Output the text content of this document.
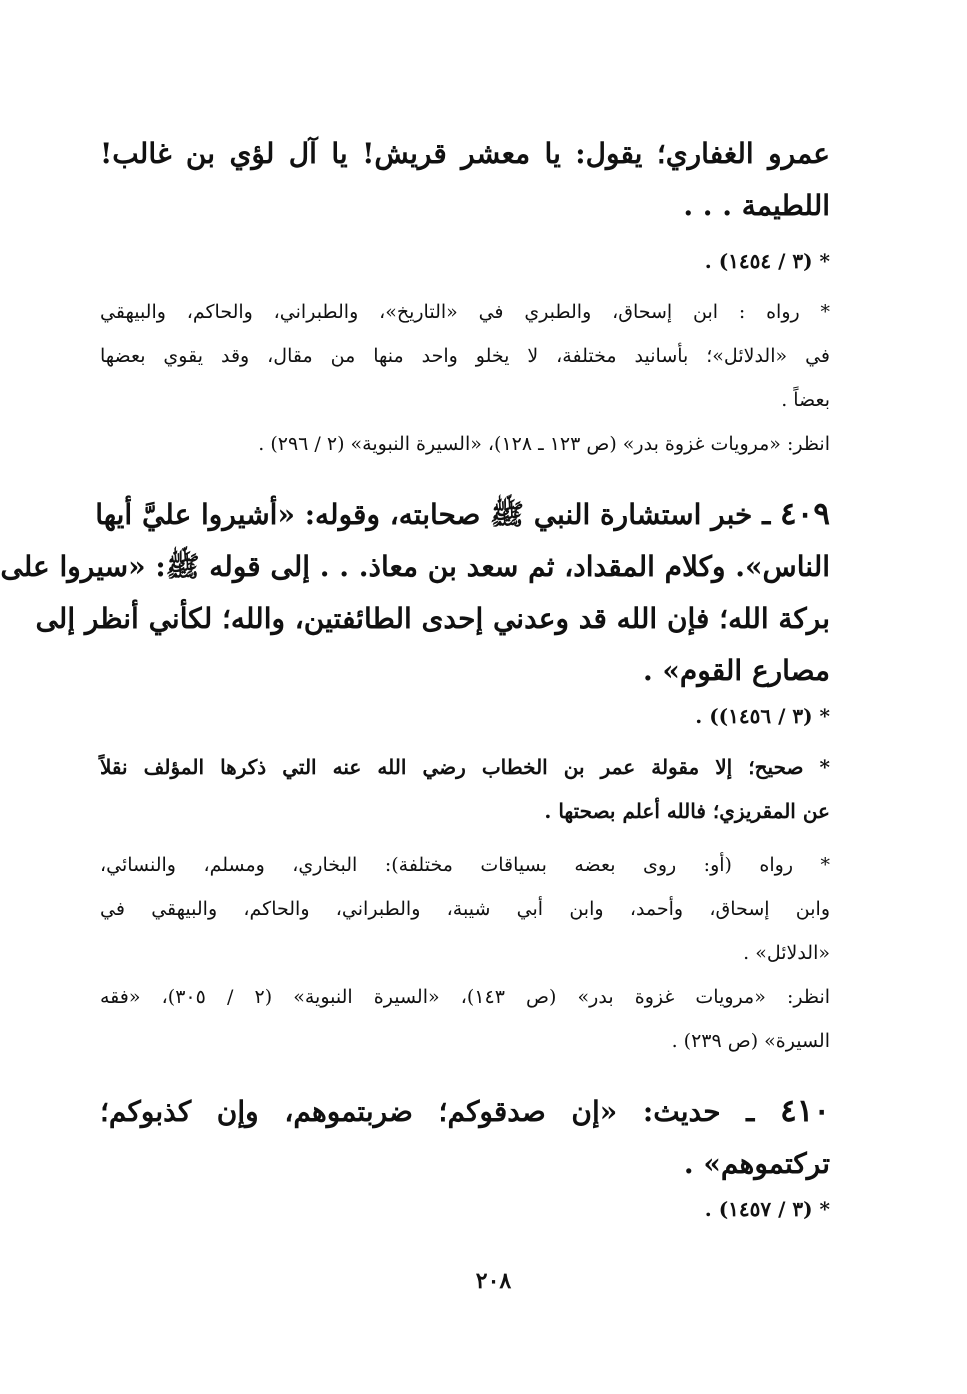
عمرو الغفاري؛ يقول: يا معشر قريش! يا آل لؤي بن غالب!
اللطيمة . . .
* (٣ / ١٤٥٤) .
* رواه : ابن إسحاق، والطبري في «التاريخ»، والطبراني، والحاكم، والبيهقي
في «الدلائل»؛ بأسانيد مختلفة، لا يخلو واحد منها من مقال، وقد يقوي بعضها
بعضاً .
انظر: «مرويات غزوة بدر» (ص ١٢٣ ـ ١٢٨)، «السيرة النبوية» (٢ / ٢٩٦) .
٤٠٩ ـ خبر استشارة النبي ﷺ صحابته، وقوله: «أشيروا عليَّ أيها
الناس». وكلام المقداد، ثم سعد بن معاذ. . . إلى قوله ﷺ: «سيروا على
بركة الله؛ فإن الله قد وعدني إحدى الطائفتين، والله؛ لكأني أنظر إلى
مصارع القوم» .
* (٣ / ١٤٥٦)) .
* صحيح؛ إلا مقولة عمر بن الخطاب رضي الله عنه التي ذكرها المؤلف نقلاً
عن المقريزي؛ فالله أعلم بصحتها .
* رواه (أو: روى بعضه بسياقات مختلفة): البخاري، ومسلم، والنسائي،
وابن إسحاق، وأحمد، وابن أبي شيبة، والطبراني، والحاكم، والبيهقي في
«الدلائل» .
انظر: «مرويات غزوة بدر» (ص ١٤٣)، «السيرة النبوية» (٢ / ٣٠٥)، «فقه
السيرة» (ص ٢٣٩) .
٤١٠ ـ حديث: «إن صدقوكم؛ ضربتموهم، وإن كذبوكم؛
تركتموهم» .
* (٣ / ١٤٥٧) .
٢٠٨
